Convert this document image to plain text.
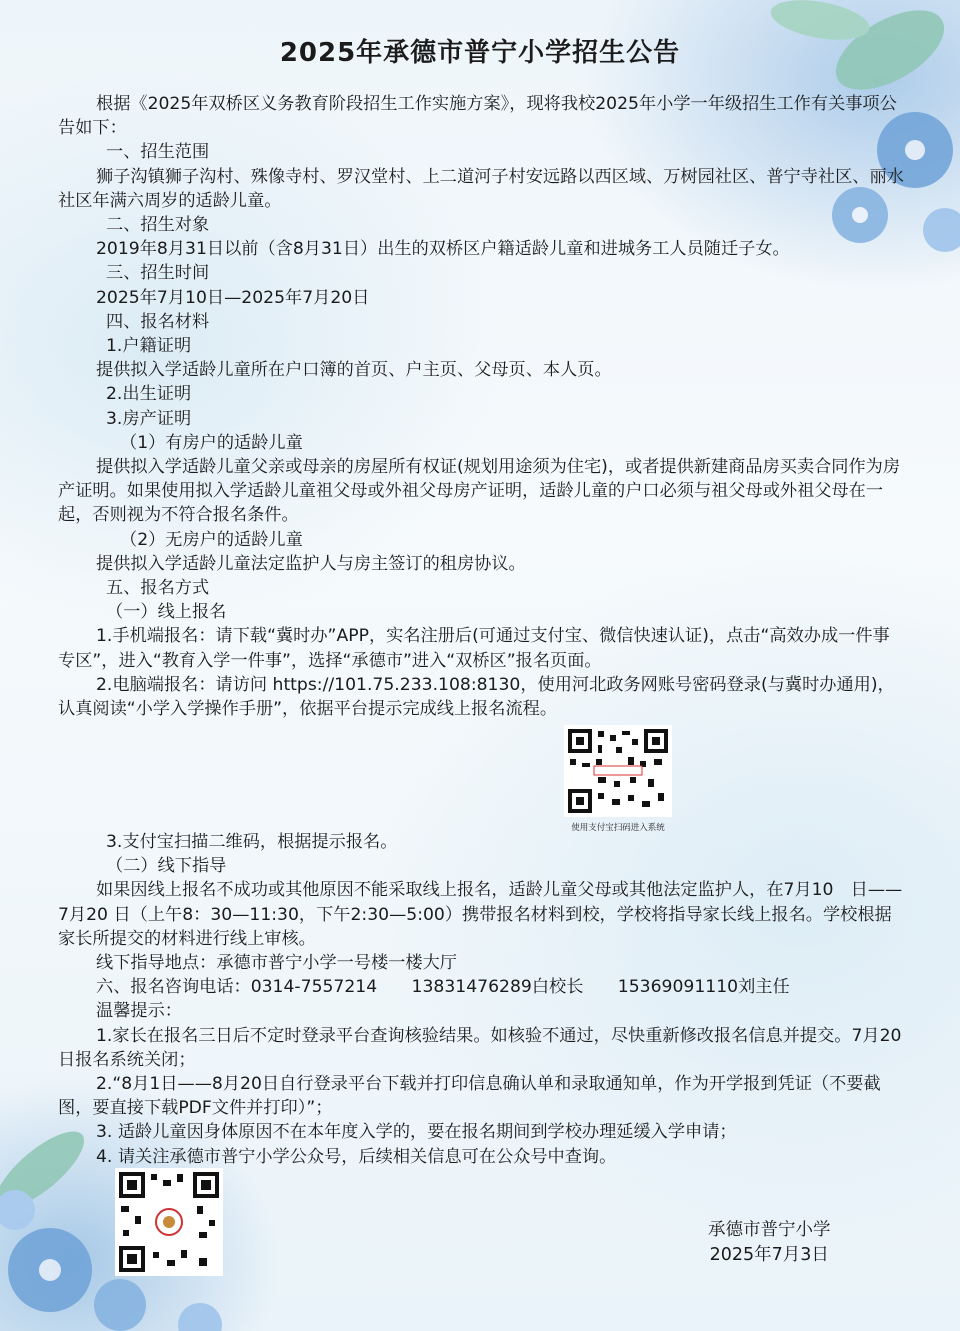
2025年承德市普宁小学招生公告

根据《2025年双桥区义务教育阶段招生工作实施方案》，现将我校2025年小学一年级招生工作有关事项公告如下：

一、招生范围

狮子沟镇狮子沟村、殊像寺村、罗汉堂村、上二道河子村安远路以西区域、万树园社区、普宁寺社区、丽水社区年满六周岁的适龄儿童。

二、招生对象

2019年8月31日以前（含8月31日）出生的双桥区户籍适龄儿童和进城务工人员随迁子女。

三、招生时间

2025年7月10日—2025年7月20日

四、报名材料

1.户籍证明

提供拟入学适龄儿童所在户口簿的首页、户主页、父母页、本人页。

2.出生证明

3.房产证明

（1）有房户的适龄儿童

提供拟入学适龄儿童父亲或母亲的房屋所有权证(规划用途须为住宅)，或者提供新建商品房买卖合同作为房产证明。如果使用拟入学适龄儿童祖父母或外祖父母房产证明，适龄儿童的户口必须与祖父母或外祖父母在一起，否则视为不符合报名条件。

（2）无房户的适龄儿童

提供拟入学适龄儿童法定监护人与房主签订的租房协议。

五、报名方式

（一）线上报名

1.手机端报名：请下载“冀时办”APP，实名注册后(可通过支付宝、微信快速认证)，点击“高效办成一件事专区”，进入“教育入学一件事”，选择“承德市”进入“双桥区”报名页面。

2.电脑端报名：请访问 https://101.75.233.108:8130，使用河北政务网账号密码登录(与冀时办通用)，认真阅读“小学入学操作手册”，依据平台提示完成线上报名流程。

使用支付宝扫码进入系统

3.支付宝扫描二维码，根据提示报名。

（二）线下指导

如果因线上报名不成功或其他原因不能采取线上报名，适龄儿童父母或其他法定监护人，在7月10　日——7月20 日（上午8：30—11:30，下午2:30—5:00）携带报名材料到校，学校将指导家长线上报名。学校根据家长所提交的材料进行线上审核。

线下指导地点：承德市普宁小学一号楼一楼大厅

六、报名咨询电话：0314-7557214　　13831476289白校长　　15369091110刘主任

温馨提示：

1.家长在报名三日后不定时登录平台查询核验结果。如核验不通过，尽快重新修改报名信息并提交。7月20日报名系统关闭；

2.“8月1日——8月20日自行登录平台下载并打印信息确认单和录取通知单，作为开学报到凭证（不要截图，要直接下载PDF文件并打印）”；

3. 适龄儿童因身体原因不在本年度入学的，要在报名期间到学校办理延缓入学申请；

4. 请关注承德市普宁小学公众号，后续相关信息可在公众号中查询。

承德市普宁小学
2025年7月3日
